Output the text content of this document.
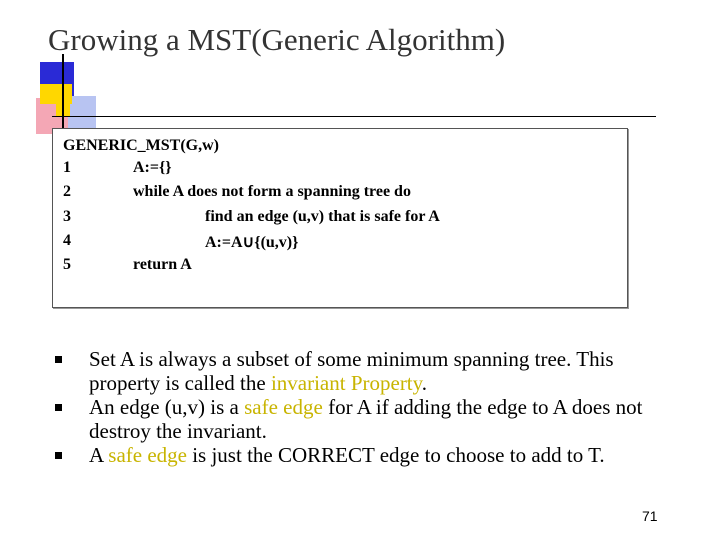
Growing a MST(Generic Algorithm)
GENERIC_MST(G,w)
1	A:={}
2	while A does not form a spanning tree do
3	find an edge (u,v) that is safe for A
4	A:=A∪{(u,v)}
5	return A
Set A is always a subset of some minimum spanning tree. This property is called the invariant Property.
An edge (u,v) is a safe edge for A if adding the edge to A does not destroy the invariant.
A safe edge is just the CORRECT edge to choose to add to T.
71
